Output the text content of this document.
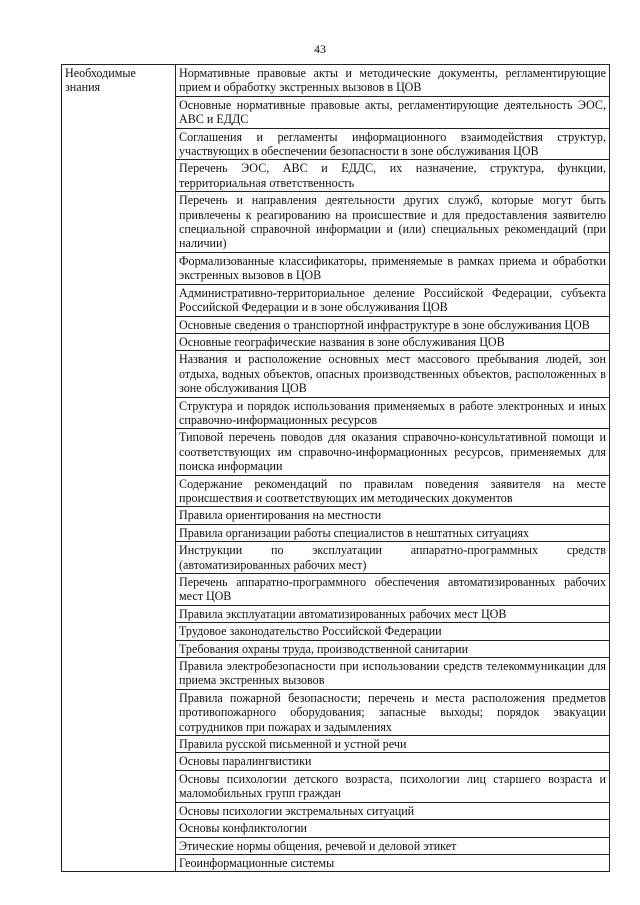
43
Необходимые знания	Нормативные правовые акты и методические документы, регламентирующие прием и обработку экстренных вызовов в ЦОВ
Основные нормативные правовые акты, регламентирующие деятельность ЭОС, АВС и ЕДДС
Соглашения и регламенты информационного взаимодействия структур, участвующих в обеспечении безопасности в зоне обслуживания ЦОВ
Перечень ЭОС, АВС и ЕДДС, их назначение, структура, функции, территориальная ответственность
Перечень и направления деятельности других служб, которые могут быть привлечены к реагированию на происшествие и для предоставления заявителю специальной справочной информации и (или) специальных рекомендаций (при наличии)
Формализованные классификаторы, применяемые в рамках приема и обработки экстренных вызовов в ЦОВ
Административно-территориальное деление Российской Федерации, субъекта Российской Федерации и в зоне обслуживания ЦОВ
Основные сведения о транспортной инфраструктуре в зоне обслуживания ЦОВ
Основные географические названия в зоне обслуживания ЦОВ
Названия и расположение основных мест массового пребывания людей, зон отдыха, водных объектов, опасных производственных объектов, расположенных в зоне обслуживания ЦОВ
Структура и порядок использования применяемых в работе электронных и иных справочно-информационных ресурсов
Типовой перечень поводов для оказания справочно-консультативной помощи и соответствующих им справочно-информационных ресурсов, применяемых для поиска информации
Содержание рекомендаций по правилам поведения заявителя на месте происшествия и соответствующих им методических документов
Правила ориентирования на местности
Правила организации работы специалистов в нештатных ситуациях
Инструкции по эксплуатации аппаратно-программных средств (автоматизированных рабочих мест)
Перечень аппаратно-программного обеспечения автоматизированных рабочих мест ЦОВ
Правила эксплуатации автоматизированных рабочих мест ЦОВ
Трудовое законодательство Российской Федерации
Требования охраны труда, производственной санитарии
Правила электробезопасности при использовании средств телекоммуникации для приема экстренных вызовов
Правила пожарной безопасности; перечень и места расположения предметов противопожарного оборудования; запасные выходы; порядок эвакуации сотрудников при пожарах и задымлениях
Правила русской письменной и устной речи
Основы паралингвистики
Основы психологии детского возраста, психологии лиц старшего возраста и маломобильных групп граждан
Основы психологии экстремальных ситуаций
Основы конфликтологии
Этические нормы общения, речевой и деловой этикет
Геоинформационные системы
